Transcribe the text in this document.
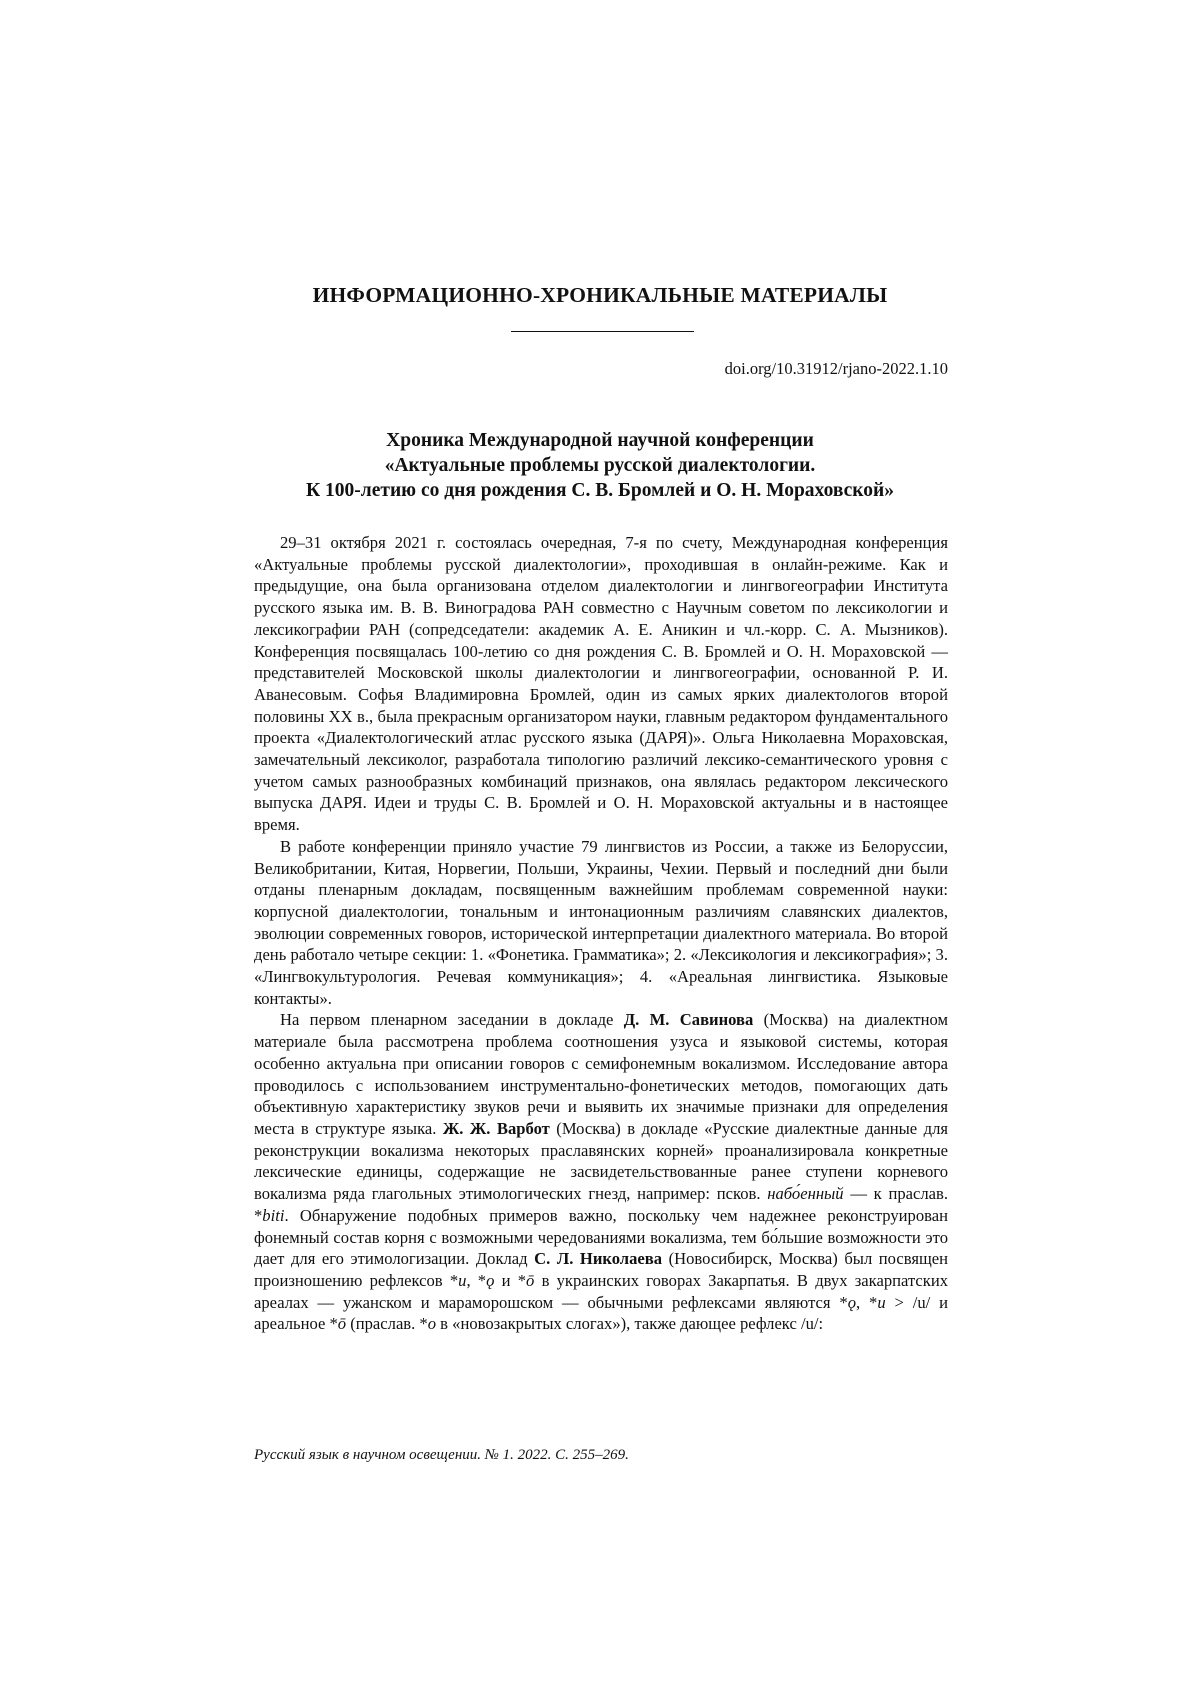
ИНФОРМАЦИОННО-ХРОНИКАЛЬНЫЕ МАТЕРИАЛЫ
doi.org/10.31912/rjano-2022.1.10
Хроника Международной научной конференции
«Актуальные проблемы русской диалектологии.
К 100-летию со дня рождения С. В. Бромлей и О. Н. Мораховской»

29–31 октября 2021 г. состоялась очередная, 7-я по счету, Международная конференция «Актуальные проблемы русской диалектологии», проходившая в онлайн-режиме. Как и предыдущие, она была организована отделом диалектологии и лингвогеографии Института русского языка им. В. В. Виноградова РАН совместно с Научным советом по лексикологии и лексикографии РАН (сопредседатели: академик А. Е. Аникин и чл.-корр. С. А. Мызников). Конференция посвящалась 100-летию со дня рождения С. В. Бромлей и О. Н. Мораховской — представителей Московской школы диалектологии и лингвогеографии, основанной Р. И. Аванесовым. Софья Владимировна Бромлей, один из самых ярких диалектологов второй половины XX в., была прекрасным организатором науки, главным редактором фундаментального проекта «Диалектологический атлас русского языка (ДАРЯ)». Ольга Николаевна Мораховская, замечательный лексиколог, разработала типологию различий лексико-семантического уровня с учетом самых разнообразных комбинаций признаков, она являлась редактором лексического выпуска ДАРЯ. Идеи и труды С. В. Бромлей и О. Н. Мораховской актуальны и в настоящее время.

В работе конференции приняло участие 79 лингвистов из России, а также из Белоруссии, Великобритании, Китая, Норвегии, Польши, Украины, Чехии. Первый и последний дни были отданы пленарным докладам, посвященным важнейшим проблемам современной науки: корпусной диалектологии, тональным и интонационным различиям славянских диалектов, эволюции современных говоров, исторической интерпретации диалектного материала. Во второй день работало четыре секции: 1. «Фонетика. Грамматика»; 2. «Лексикология и лексикография»; 3. «Лингвокультурология. Речевая коммуникация»; 4. «Ареальная лингвистика. Языковые контакты».

На первом пленарном заседании в докладе Д. М. Савинова (Москва) на диалектном материале была рассмотрена проблема соотношения узуса и языковой системы, которая особенно актуальна при описании говоров с семифонемным вокализмом. Исследование автора проводилось с использованием инструментально-фонетических методов, помогающих дать объективную характеристику звуков речи и выявить их значимые признаки для определения места в структуре языка. Ж. Ж. Варбот (Москва) в докладе «Русские диалектные данные для реконструкции вокализма некоторых праславянских корней» проанализировала конкретные лексические единицы, содержащие не засвидетельствованные ранее ступени корневого вокализма ряда глагольных этимологических гнезд, например: псков. набо́енный — к праслав. *biti. Обнаружение подобных примеров важно, поскольку чем надежнее реконструирован фонемный состав корня с возможными чередованиями вокализма, тем бо́льшие возможности это дает для его этимологизации. Доклад С. Л. Николаева (Новосибирск, Москва) был посвящен произношению рефлексов *u, *ǫ и *ō в украинских говорах Закарпатья. В двух закарпатских ареалах — ужанском и мараморошском — обычными рефлексами являются *ǫ, *u > /u/ и ареальное *ō (праслав. *o в «новозакрытых слогах»), также дающее рефлекс /u/:

Русский язык в научном освещении. № 1. 2022. С. 255–269.
